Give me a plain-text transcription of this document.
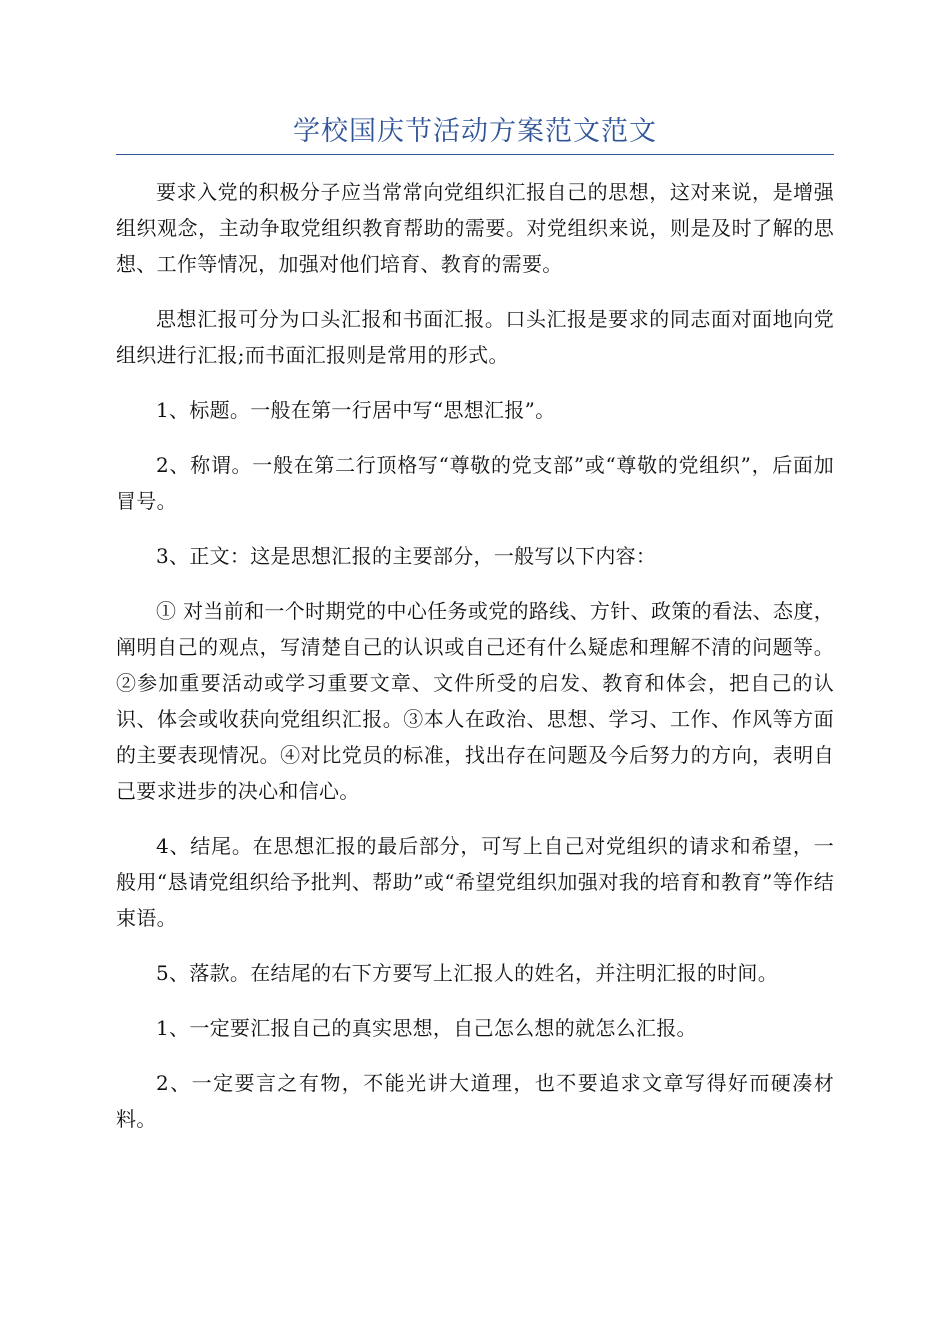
学校国庆节活动方案范文范文

要求入党的积极分子应当常常向党组织汇报自己的思想，这对来说，是增强组织观念，主动争取党组织教育帮助的需要。对党组织来说，则是及时了解的思想、工作等情况，加强对他们培育、教育的需要。

思想汇报可分为口头汇报和书面汇报。口头汇报是要求的同志面对面地向党组织进行汇报;而书面汇报则是常用的形式。

1、标题。一般在第一行居中写“思想汇报”。

2、称谓。一般在第二行顶格写“尊敬的党支部”或“尊敬的党组织”，后面加冒号。

3、正文：这是思想汇报的主要部分，一般写以下内容：

① 对当前和一个时期党的中心任务或党的路线、方针、政策的看法、态度，阐明自己的观点，写清楚自己的认识或自己还有什么疑虑和理解不清的问题等。②参加重要活动或学习重要文章、文件所受的启发、教育和体会，把自己的认识、体会或收获向党组织汇报。③本人在政治、思想、学习、工作、作风等方面的主要表现情况。④对比党员的标准，找出存在问题及今后努力的方向，表明自己要求进步的决心和信心。

4、结尾。在思想汇报的最后部分，可写上自己对党组织的请求和希望，一般用“恳请党组织给予批判、帮助”或“希望党组织加强对我的培育和教育”等作结束语。

5、落款。在结尾的右下方要写上汇报人的姓名，并注明汇报的时间。

1、一定要汇报自己的真实思想，自己怎么想的就怎么汇报。

2、一定要言之有物，不能光讲大道理，也不要追求文章写得好而硬凑材料。
